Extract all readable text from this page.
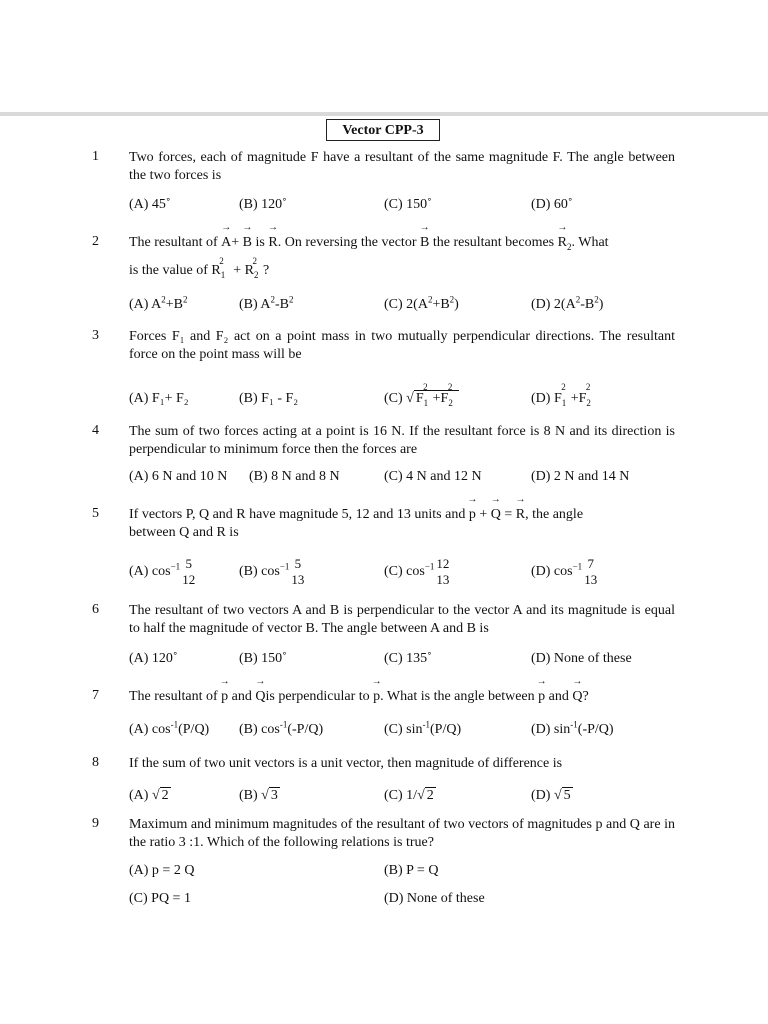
Vector CPP-3
1 Two forces, each of magnitude F have a resultant of the same magnitude F. The angle between the two forces is
(A) 45˚	(B) 120˚	(C) 150˚	(D) 60˚
2 The resultant of → A+ → B is → R. On reversing the vector → B the resultant becomes → $R_2$. What
is the value of $R_1^2 + R_2^2$?
(A) $A^2+B^2$	(B) $A^2-B^2$	(C) $2(A^2+B^2)$	(D) $2(A^2-B^2)$
3 Forces F₁ and F₂ act on a point mass in two mutually perpendicular directions. The resultant force on the point mass will be
(A) F₁+ F₂	(B) F₁ - F₂	(C) √ $F_1^2+F_2^2$
(D) $F_1^2+F_2^2$
4 The sum of two forces acting at a point is 16 N. If the resultant force is 8 N and its direction is perpendicular to minimum force then the forces are
(A) 6 N and 10 N (B) 8 N and 8 N	(C) 4 N and 12 N	(D) 2 N and 14 N
5 If vectors P, Q and R have magnitude 5, 12 and 13 units and → p + → Q = → R, the angle
between Q and R is
(A) $\cos^{-1} 5$
12
(B) $\cos^{-1} 5$
13
(C) $\cos^{-1} 12$
13
(D) $\cos^{-1} 7$
13
6 The resultant of two vectors A and B is perpendicular to the vector A and its magnitude is equal to half the magnitude of vector B. The angle between A and B is
(A) 120˚	(B) 150˚	(C) 135˚	(D) None of these
7 The resultant of → p and → Qis perpendicular to → p. What is the angle between → p and → Q?
(A) $\cos^{-1}(P/Q)$ (B) $\cos^{-1}(-P/Q)$	(C) $\sin^{-1}(P/Q)$	(D) $\sin^{-1}(-P/Q)$
8 If the sum of two unit vectors is a unit vector, then magnitude of difference is
(A) √ 2	(B) √ 3	(C) 1/√ 2	(D) √ 5
9 Maximum and minimum magnitudes of the resultant of two vectors of magnitudes p and Q are in the ratio 3 :1. Which of the following relations is true?
(A) p = 2 Q	(B) P = Q
(C) PQ = 1	(D) None of these
